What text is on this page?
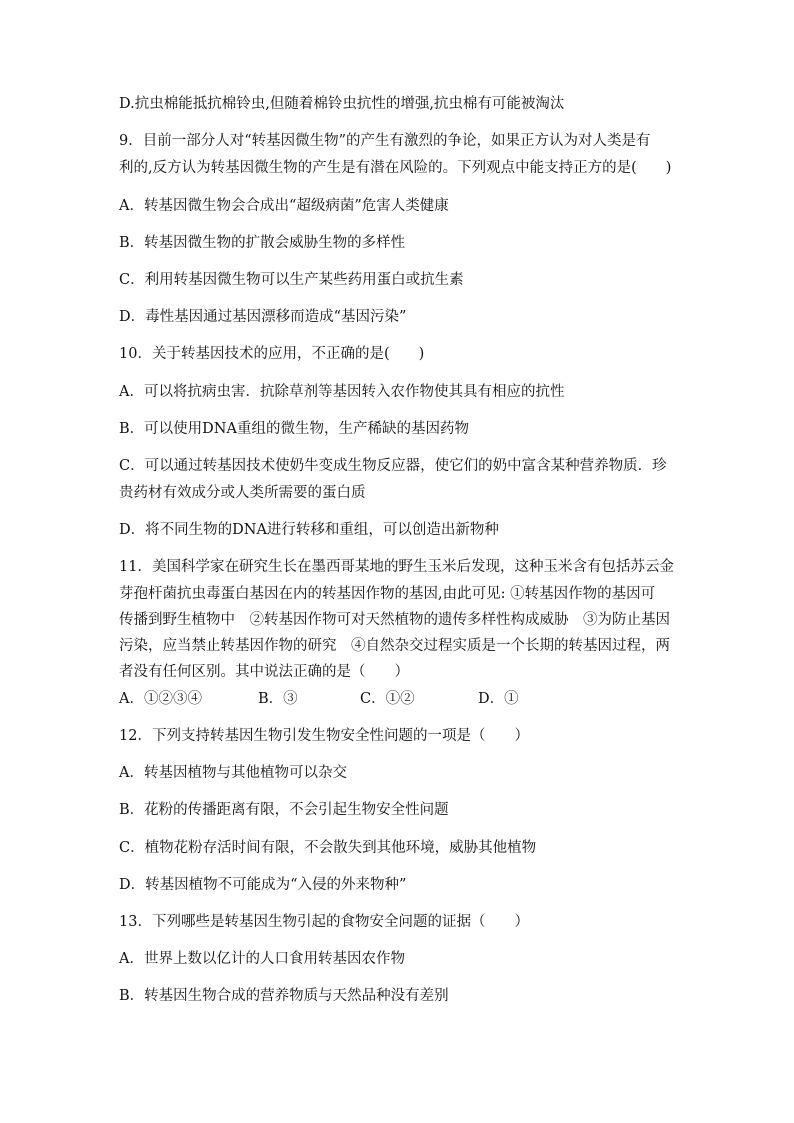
D.抗虫棉能抵抗棉铃虫,但随着棉铃虫抗性的增强,抗虫棉有可能被淘汰
9．目前一部分人对“转基因微生物”的产生有激烈的争论，如果正方认为对人类是有
利的,反方认为转基因微生物的产生是有潜在风险的。下列观点中能支持正方的是(　　)
A．转基因微生物会合成出“超级病菌”危害人类健康
B．转基因微生物的扩散会威胁生物的多样性
C．利用转基因微生物可以生产某些药用蛋白或抗生素
D．毒性基因通过基因漂移而造成“基因污染”
10．关于转基因技术的应用，不正确的是(　　)
A．可以将抗病虫害．抗除草剂等基因转入农作物使其具有相应的抗性
B．可以使用DNA重组的微生物，生产稀缺的基因药物
C．可以通过转基因技术使奶牛变成生物反应器，使它们的奶中富含某种营养物质．珍
贵药材有效成分或人类所需要的蛋白质
D．将不同生物的DNA进行转移和重组，可以创造出新物种
11．美国科学家在研究生长在墨西哥某地的野生玉米后发现，这种玉米含有包括苏云金
芽孢杆菌抗虫毒蛋白基因在内的转基因作物的基因,由此可见: ①转基因作物的基因可
传播到野生植物中　②转基因作物可对天然植物的遗传多样性构成威胁　③为防止基因
污染，应当禁止转基因作物的研究　④自然杂交过程实质是一个长期的转基因过程，两
者没有任何区别。其中说法正确的是（　　）
A．①②③④	B．③	C．①②	D．①
12．下列支持转基因生物引发生物安全性问题的一项是（　　）
A．转基因植物与其他植物可以杂交
B．花粉的传播距离有限，不会引起生物安全性问题
C．植物花粉存活时间有限，不会散失到其他环境，威胁其他植物
D．转基因植物不可能成为“入侵的外来物种”
13．下列哪些是转基因生物引起的食物安全问题的证据（　　）
A．世界上数以亿计的人口食用转基因农作物
B．转基因生物合成的营养物质与天然品种没有差别
